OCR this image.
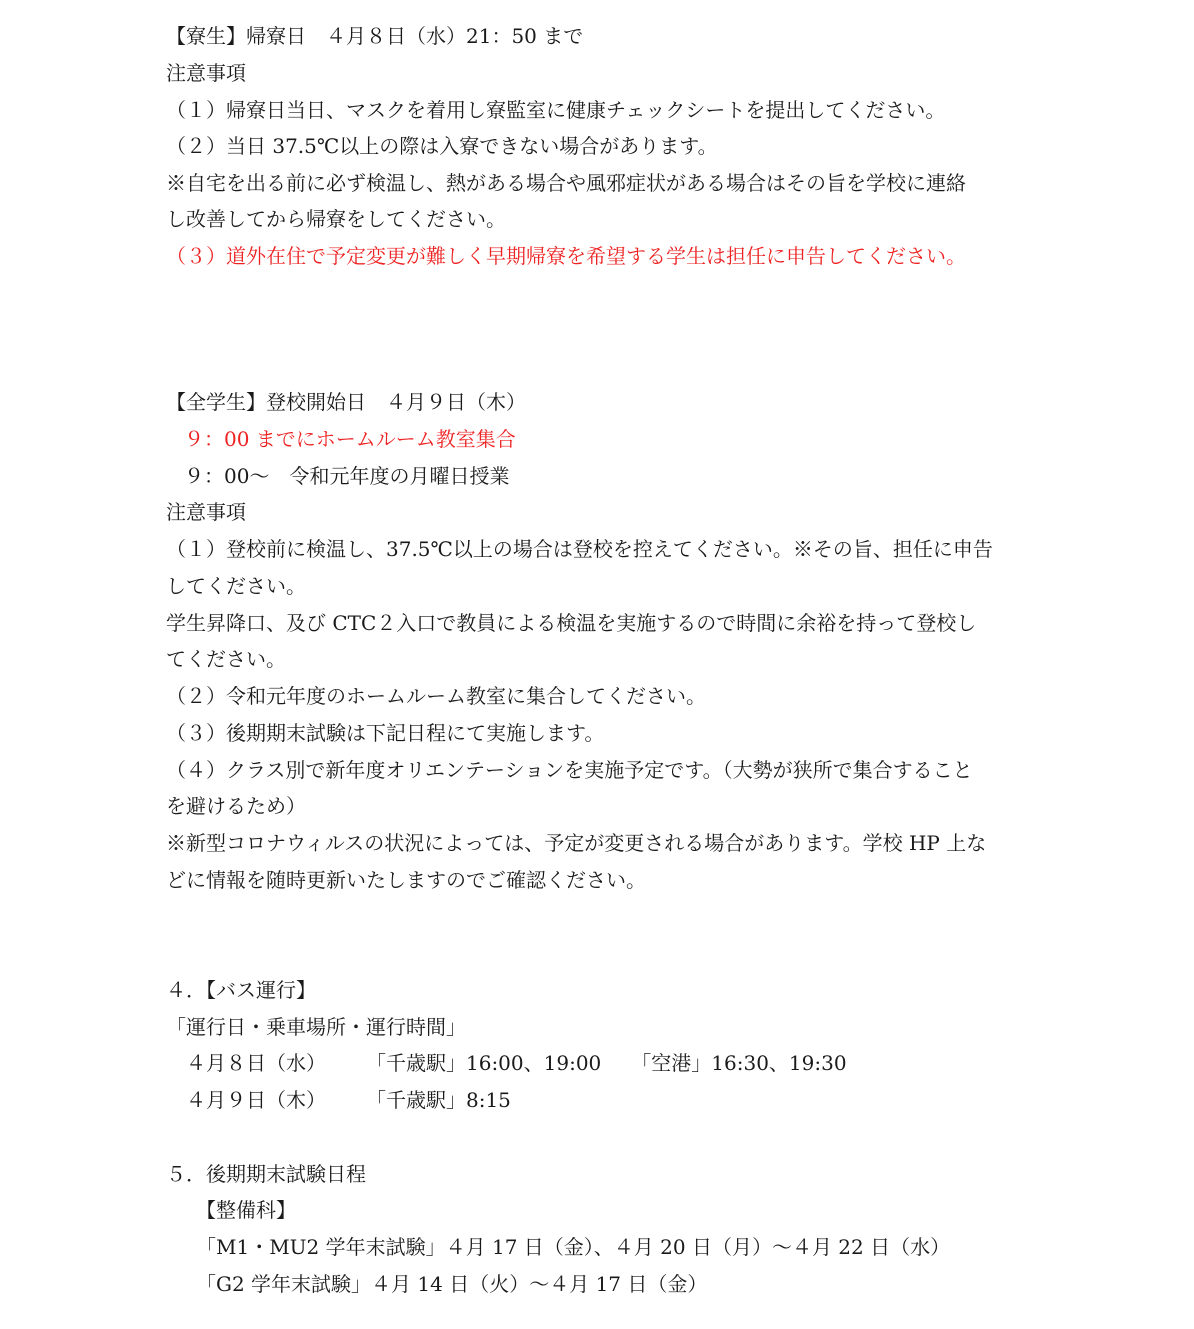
【寮生】帰寮日　４月８日（水）21：50 まで
注意事項
（１）帰寮日当日、マスクを着用し寮監室に健康チェックシートを提出してください。
（２）当日 37.5℃以上の際は入寮できない場合があります。
※自宅を出る前に必ず検温し、熱がある場合や風邪症状がある場合はその旨を学校に連絡
し改善してから帰寮をしてください。
（３）道外在住で予定変更が難しく早期帰寮を希望する学生は担任に申告してください。
【全学生】登校開始日　４月９日（木）
９：00 までにホームルーム教室集合
９：00～　令和元年度の月曜日授業
注意事項
（１）登校前に検温し、37.5℃以上の場合は登校を控えてください。※その旨、担任に申告
してください。
学生昇降口、及び CTC２入口で教員による検温を実施するので時間に余裕を持って登校し
てください。
（２）令和元年度のホームルーム教室に集合してください。
（３）後期期末試験は下記日程にて実施します。
（４）クラス別で新年度オリエンテーションを実施予定です。（大勢が狭所で集合すること
を避けるため）
※新型コロナウィルスの状況によっては、予定が変更される場合があります。学校 HP 上な
どに情報を随時更新いたしますのでご確認ください。
４．【バス運行】
「運行日・乗車場所・運行時間」
４月８日（水） 「千歳駅」16:00、19:00 「空港」16:30、19:30
４月９日（木） 「千歳駅」8:15
５．後期期末試験日程
【整備科】
「M1・MU2 学年末試験」４月 17 日（金）、４月 20 日（月）～４月 22 日（水）
「G2 学年末試験」４月 14 日（火）～４月 17 日（金）
